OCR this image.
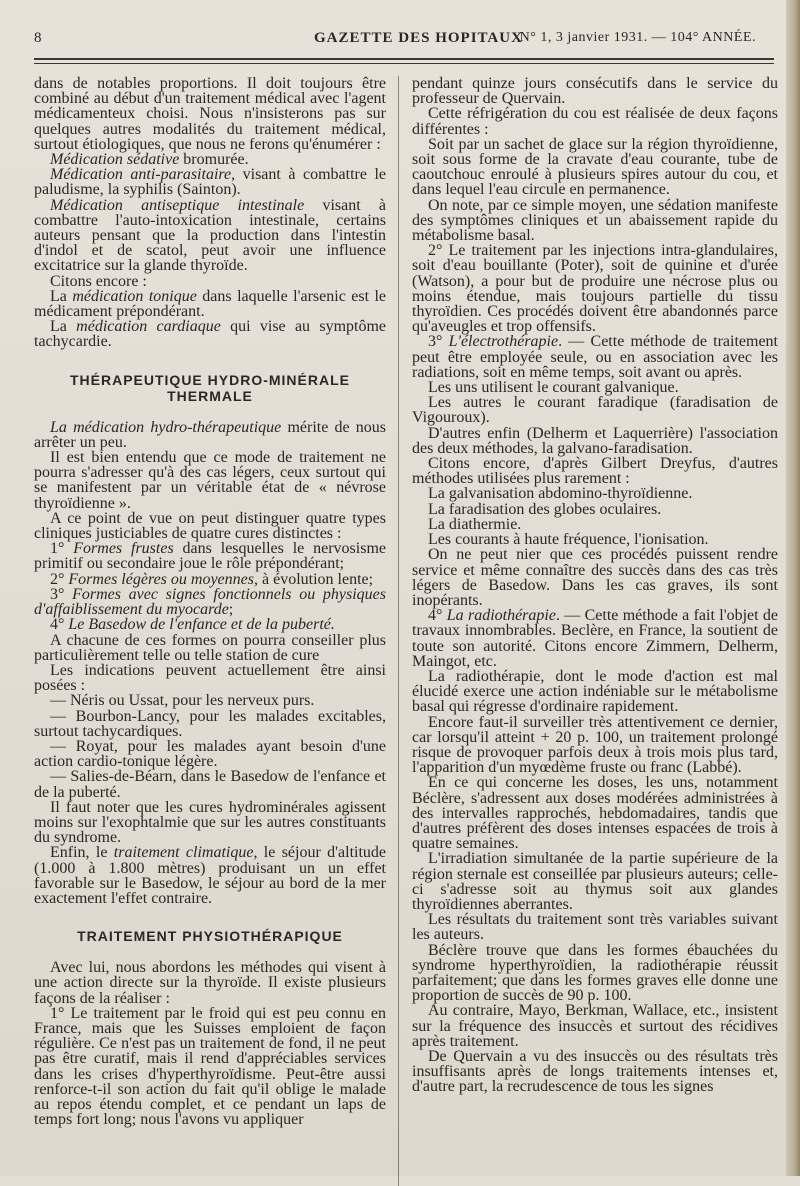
8	GAZETTE DES HOPITAUX
N° 1, 3 janvier 1931. — 104° ANNÉE.

dans de notables proportions. Il doit toujours être combiné au début d'un traitement médical avec l'agent médicamenteux choisi. Nous n'insisterons pas sur quelques autres modalités du traitement médical, surtout étiologiques, que nous ne ferons qu'énumérer :

Médication sédative bromurée.

Médication anti-parasitaire, visant à combattre le paludisme, la syphilis (Sainton).

Médication antiseptique intestinale visant à combattre l'auto-intoxication intestinale, certains auteurs pensant que la production dans l'intestin d'indol et de scatol, peut avoir une influence excitatrice sur la glande thyroïde.

Citons encore :

La médication tonique dans laquelle l'arsenic est le médicament prépondérant.

La médication cardiaque qui vise au symptôme tachycardie.

THÉRAPEUTIQUE HYDRO-MINÉRALE THERMALE

La médication hydro-thérapeutique mérite de nous arrêter un peu.

Il est bien entendu que ce mode de traitement ne pourra s'adresser qu'à des cas légers, ceux surtout qui se manifestent par un véritable état de « névrose thyroïdienne ».

A ce point de vue on peut distinguer quatre types cliniques justiciables de quatre cures distinctes :

1° Formes frustes dans lesquelles le nervosisme primitif ou secondaire joue le rôle prépondérant;

2° Formes légères ou moyennes, à évolution lente;

3° Formes avec signes fonctionnels ou physiques d'affaiblissement du myocarde;

4° Le Basedow de l'enfance et de la puberté.

A chacune de ces formes on pourra conseiller plus particulièrement telle ou telle station de cure

Les indications peuvent actuellement être ainsi posées :

— Néris ou Ussat, pour les nerveux purs.

— Bourbon-Lancy, pour les malades excitables, surtout tachycardiques.

— Royat, pour les malades ayant besoin d'une action cardio-tonique légère.

— Salies-de-Béarn, dans le Basedow de l'enfance et de la puberté.

Il faut noter que les cures hydrominérales agissent moins sur l'exophtalmie que sur les autres constituants du syndrome.

Enfin, le traitement climatique, le séjour d'altitude (1.000 à 1.800 mètres) produisant un un effet favorable sur le Basedow, le séjour au bord de la mer exactement l'effet contraire.

TRAITEMENT PHYSIOTHÉRAPIQUE

Avec lui, nous abordons les méthodes qui visent à une action directe sur la thyroïde. Il existe plusieurs façons de la réaliser :

1° Le traitement par le froid qui est peu connu en France, mais que les Suisses emploient de façon régulière. Ce n'est pas un traitement de fond, il ne peut pas être curatif, mais il rend d'appréciables services dans les crises d'hyperthyroïdisme. Peut-être aussi renforce-t-il son action du fait qu'il oblige le malade au repos étendu complet, et ce pendant un laps de temps fort long; nous l'avons vu appliquer

pendant quinze jours consécutifs dans le service du professeur de Quervain.

Cette réfrigération du cou est réalisée de deux façons différentes :

Soit par un sachet de glace sur la région thyroïdienne, soit sous forme de la cravate d'eau courante, tube de caoutchouc enroulé à plusieurs spires autour du cou, et dans lequel l'eau circule en permanence.

On note, par ce simple moyen, une sédation manifeste des symptômes cliniques et un abaissement rapide du métabolisme basal.

2° Le traitement par les injections intra-glandulaires, soit d'eau bouillante (Poter), soit de quinine et d'urée (Watson), a pour but de produire une nécrose plus ou moins étendue, mais toujours partielle du tissu thyroïdien. Ces procédés doivent être abandonnés parce qu'aveugles et trop offensifs.

3° L'électrothérapie. — Cette méthode de traitement peut être employée seule, ou en association avec les radiations, soit en même temps, soit avant ou après.

Les uns utilisent le courant galvanique.

Les autres le courant faradique (faradisation de Vigouroux).

D'autres enfin (Delherm et Laquerrière) l'association des deux méthodes, la galvano-faradisation.

Citons encore, d'après Gilbert Dreyfus, d'autres méthodes utilisées plus rarement :

La galvanisation abdomino-thyroïdienne.

La faradisation des globes oculaires.

La diathermie.

Les courants à haute fréquence, l'ionisation.

On ne peut nier que ces procédés puissent rendre service et même connaître des succès dans des cas très légers de Basedow. Dans les cas graves, ils sont inopérants.

4° La radiothérapie. — Cette méthode a fait l'objet de travaux innombrables. Beclère, en France, la soutient de toute son autorité. Citons encore Zimmern, Delherm, Maingot, etc.

La radiothérapie, dont le mode d'action est mal élucidé exerce une action indéniable sur le métabolisme basal qui régresse d'ordinaire rapidement.

Encore faut-il surveiller très attentivement ce dernier, car lorsqu'il atteint + 20 p. 100, un traitement prolongé risque de provoquer parfois deux à trois mois plus tard, l'apparition d'un myœdème fruste ou franc (Labbé).

En ce qui concerne les doses, les uns, notamment Béclère, s'adressent aux doses modérées administrées à des intervalles rapprochés, hebdomadaires, tandis que d'autres préfèrent des doses intenses espacées de trois à quatre semaines.

L'irradiation simultanée de la partie supérieure de la région sternale est conseillée par plusieurs auteurs; celle-ci s'adresse soit au thymus soit aux glandes thyroïdiennes aberrantes.

Les résultats du traitement sont très variables suivant les auteurs.

Béclère trouve que dans les formes ébauchées du syndrome hyperthyroïdien, la radiothérapie réussit parfaitement; que dans les formes graves elle donne une proportion de succès de 90 p. 100.

Au contraire, Mayo, Berkman, Wallace, etc., insistent sur la fréquence des insuccès et surtout des récidives après traitement.

De Quervain a vu des insuccès ou des résultats très insuffisants après de longs traitements intenses et, d'autre part, la recrudescence de tous les signes
